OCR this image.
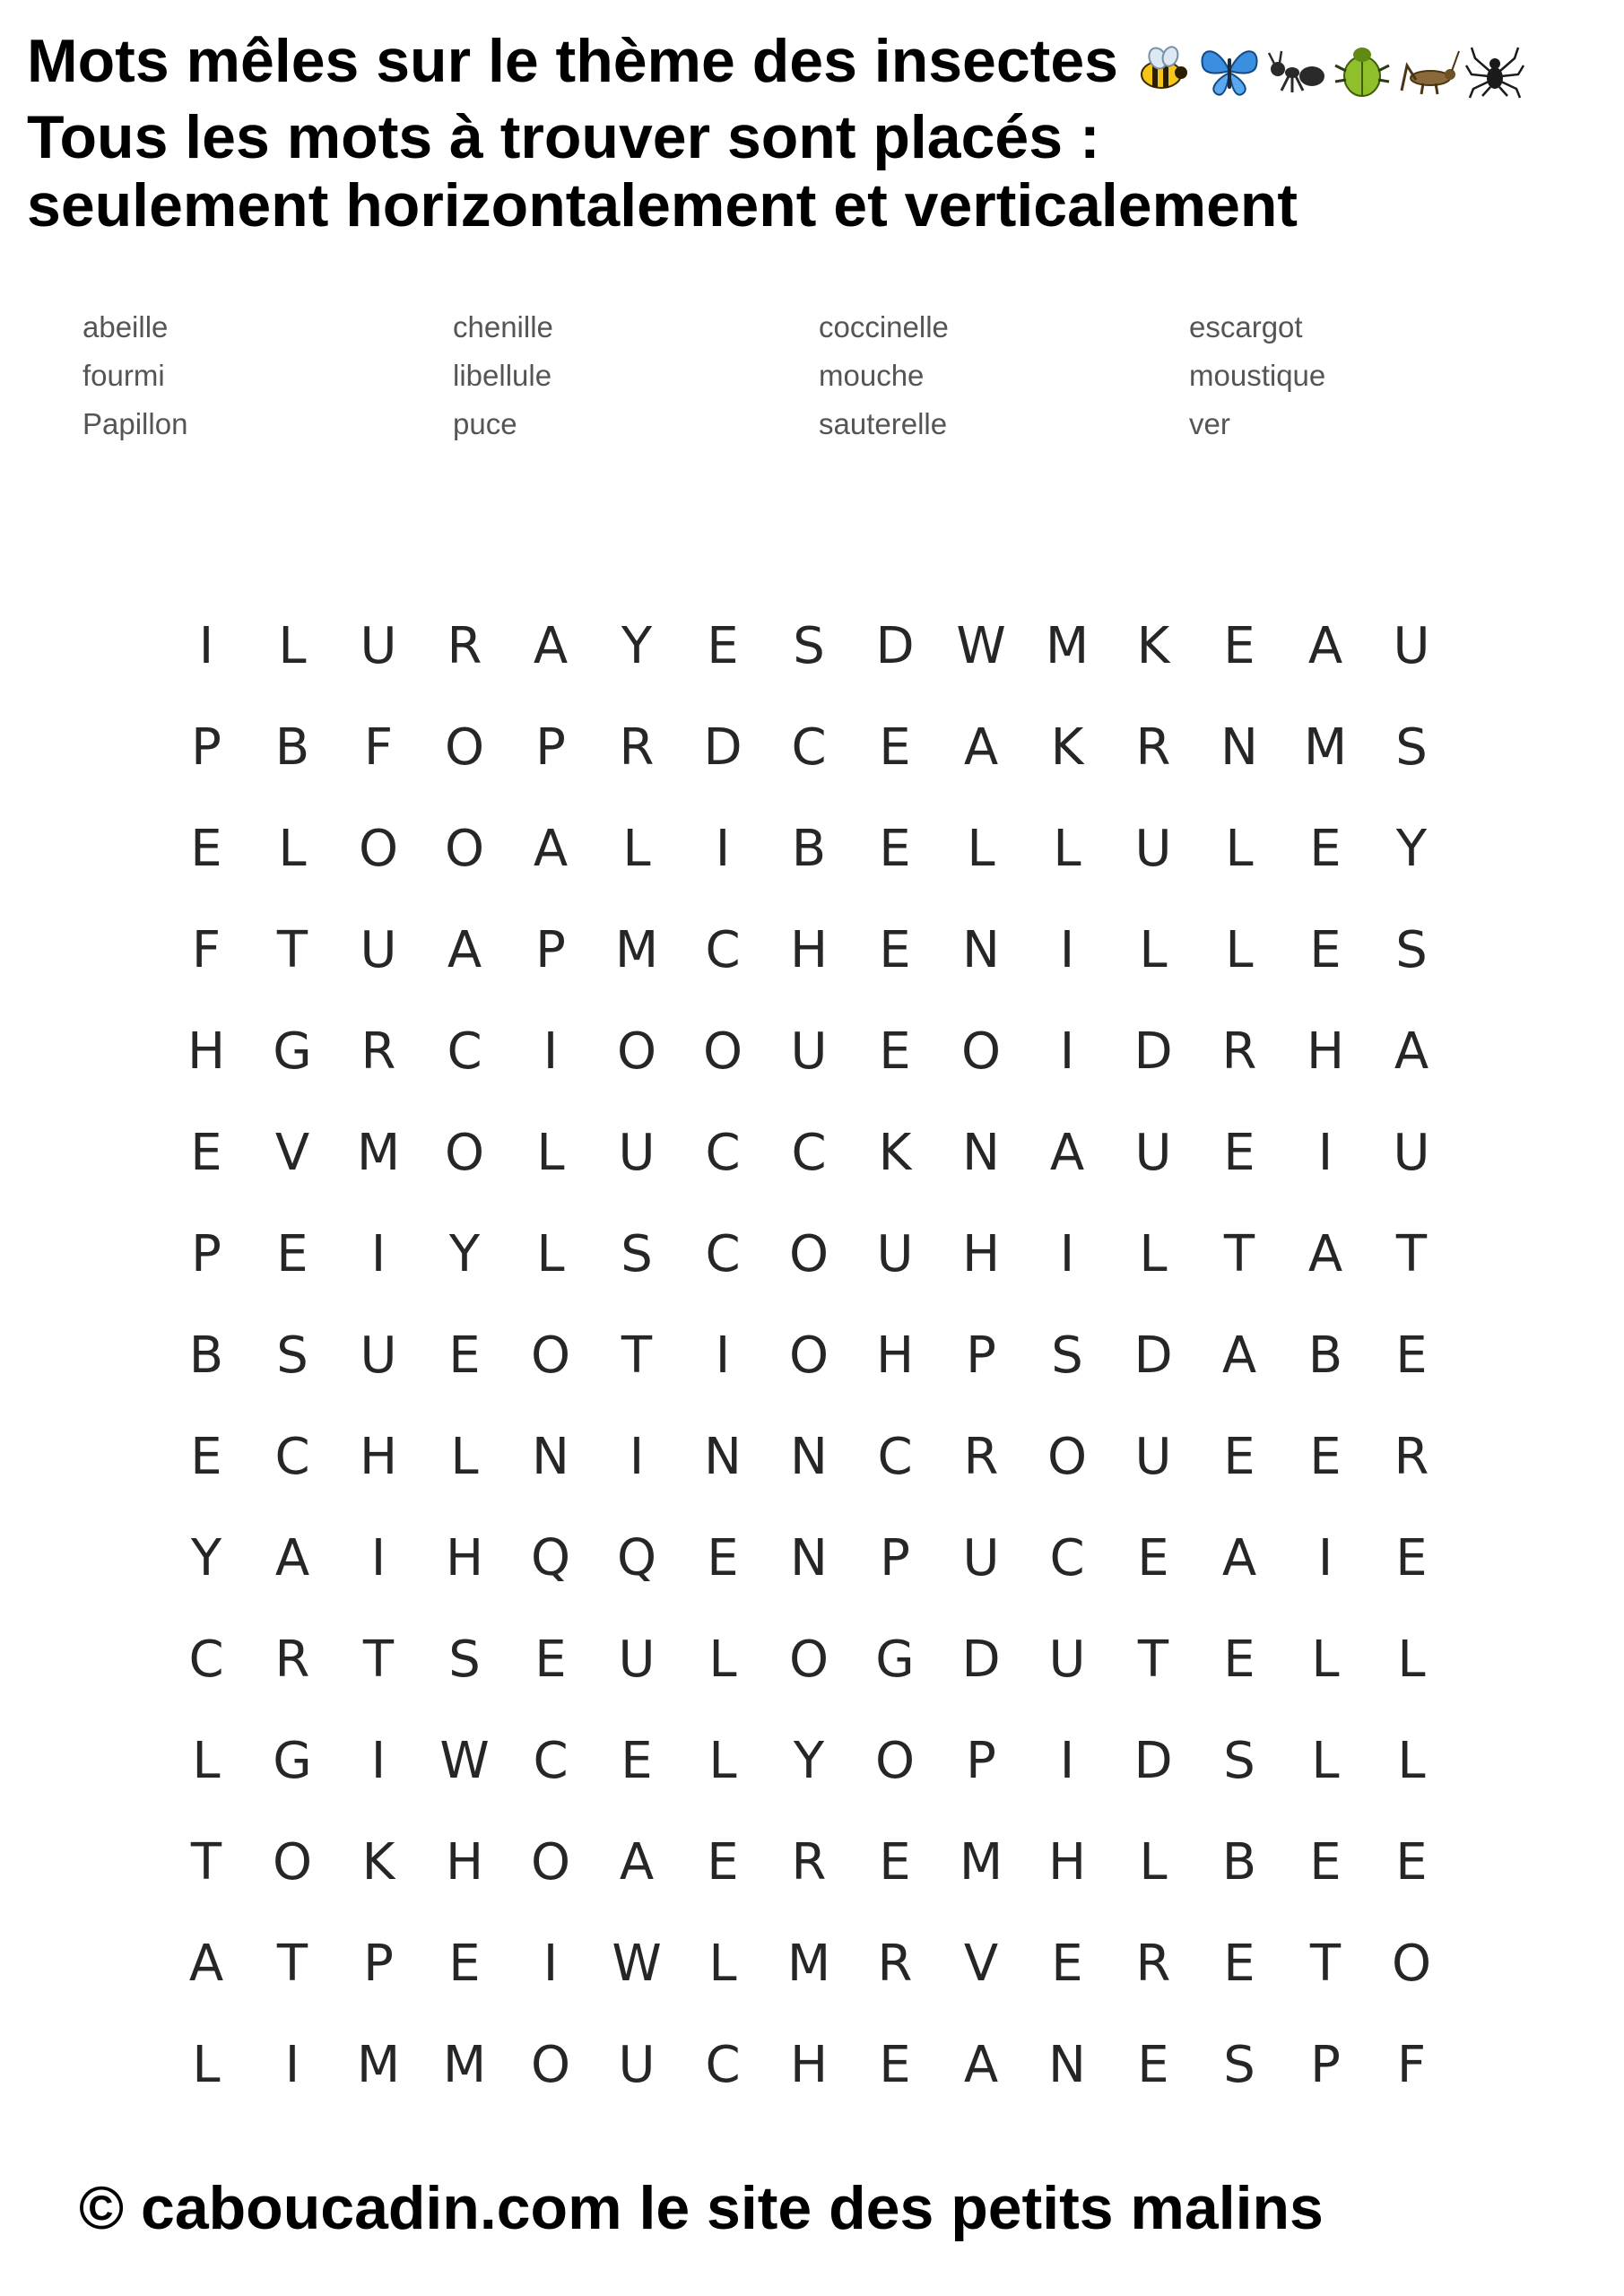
Mots mêles sur le thème des insectes
Tous les mots à trouver sont placés :
seulement horizontalement et verticalement
abeille	chenille	coccinelle	escargot
fourmi	libellule	mouche	moustique
Papillon	puce	sauterelle	ver
I	L	U	R	A	Y	E	S	D W M K	E	A	U
P	B	F	O	P	R D C	E	A	K	R N M S
E	L	O O A	L	I	B	E	L	L	U	L	E	Y
F	T	U	A	P M C H	E	N	I	L	L	E	S
H G R	C	I	O O U	E	O	I	D R H A
E	V M O	L	U C	C	K	N A	U	E	I	U
P	E	I	Y	L	S	C O U H	I	L	T	A	T
B	S	U	E	O	T	I	O H	P	S	D A	B	E
E	C H	L	N	I	N N C	R O U	E	E	R
Y	A	I	H Q Q	E	N	P	U C	E	A	I	E
C	R	T	S	E	U	L	O G D U	T	E	L	L
L	G	I	W C	E	L	Y	O	P	I	D	S	L	L
T	O K	H O A	E	R	E M H	L	B	E	E
A	T	P	E	I	W L	M R	V	E	R	E	T	O
L	I	M M O U C H	E	A N	E	S	P	F
© caboucadin.com le site des petits malins
